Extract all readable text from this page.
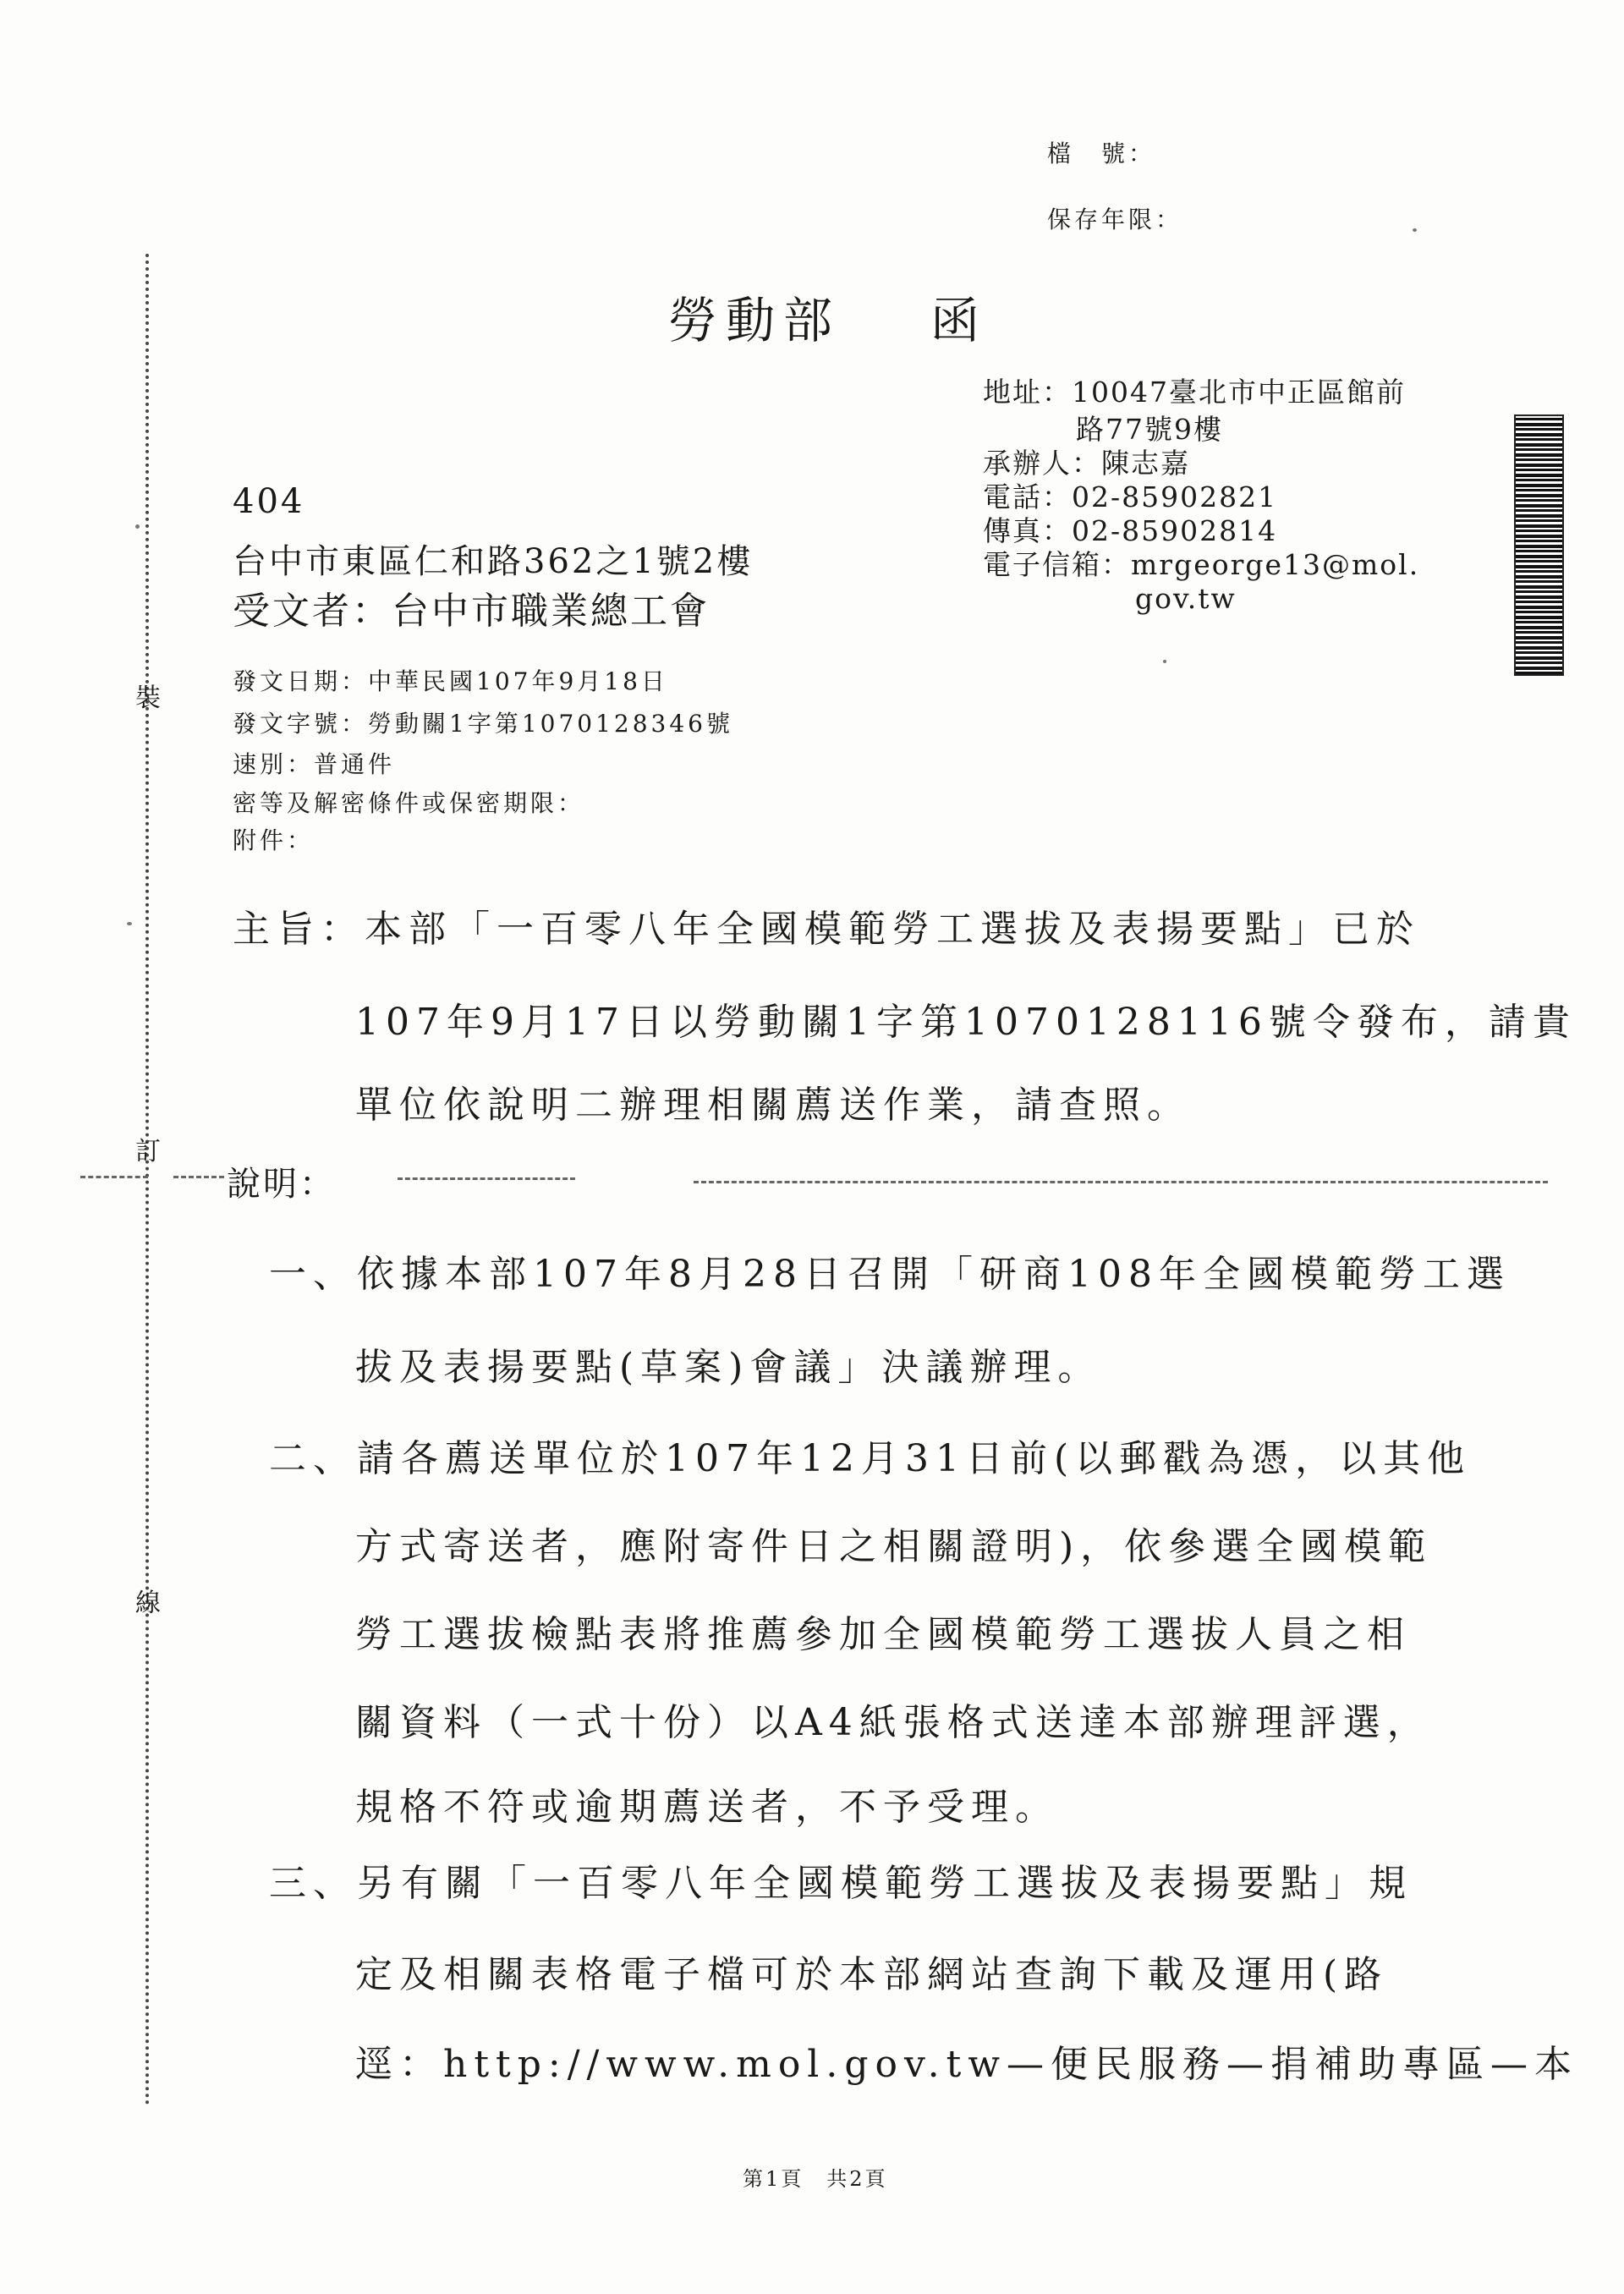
裝
訂
線
檔　號：
保存年限：
勞動部 函
地址：10047臺北市中正區館前
路77號9樓
承辦人：陳志嘉
電話：02-85902821
傳真：02-85902814
電子信箱：mrgeorge13@mol.
gov.tw
404
台中市東區仁和路362之1號2樓
受文者：台中市職業總工會
發文日期：中華民國107年9月18日
發文字號：勞動關1字第1070128346號
速別：普通件
密等及解密條件或保密期限：
附件：
主旨：本部「一百零八年全國模範勞工選拔及表揚要點」已於
107年9月17日以勞動關1字第1070128116號令發布，請貴
單位依說明二辦理相關薦送作業，請查照。
說明：
一、依據本部107年8月28日召開「研商108年全國模範勞工選
拔及表揚要點(草案)會議」決議辦理。
二、請各薦送單位於107年12月31日前(以郵戳為憑，以其他
方式寄送者，應附寄件日之相關證明)，依參選全國模範
勞工選拔檢點表將推薦參加全國模範勞工選拔人員之相
關資料（一式十份）以A4紙張格式送達本部辦理評選，
規格不符或逾期薦送者，不予受理。
三、另有關「一百零八年全國模範勞工選拔及表揚要點」規
定及相關表格電子檔可於本部網站查詢下載及運用(路
逕：http://www.mol.gov.tw—便民服務—捐補助專區—本
第1頁　共2頁
